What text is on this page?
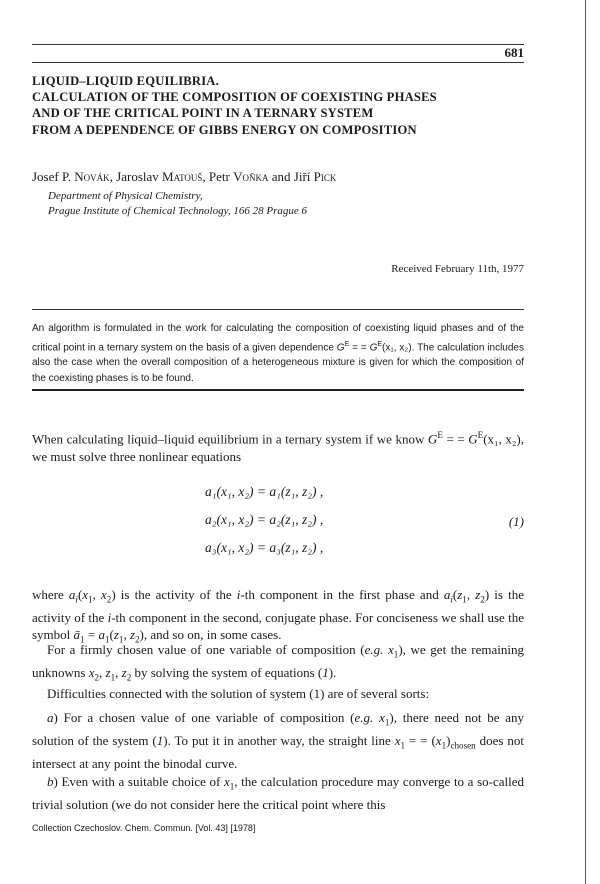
681
LIQUID–LIQUID EQUILIBRIA.
CALCULATION OF THE COMPOSITION OF COEXISTING PHASES
AND OF THE CRITICAL POINT IN A TERNARY SYSTEM
FROM A DEPENDENCE OF GIBBS ENERGY ON COMPOSITION
Josef P. Novák, Jaroslav Matouš, Petr Voňka and Jiří Pick
Department of Physical Chemistry,
Prague Institute of Chemical Technology, 166 28 Prague 6
Received February 11th, 1977
An algorithm is formulated in the work for calculating the composition of coexisting liquid phases and of the critical point in a ternary system on the basis of a given dependence $G^E$ = = $G^E(x_1$, x₂). The calculation includes also the case when the overall composition of a heterogeneous mixture is given for which the composition of the coexisting phases is to be found.
When calculating liquid–liquid equilibrium in a ternary system if we know $G^E$ = = $G^E(x_1$, x₂), we must solve three nonlinear equations
a₁(x₁, x₂) = a₁(z₁, z₂) ,
a₂(x₁, x₂) = a₂(z₁, z₂) ,
a₃(x₁, x₂) = a₃(z₁, z₂) ,
(1)
where $a_i(x_1$, $x_2$) is the activity of the i-th component in the first phase and $a_i(z_1$, $z_2$) is the activity of the i-th component in the second, conjugate phase. For conciseness we shall use the symbol $ā_1 = a_1(z_1$, $z_2$), and so on, in some cases.
For a firmly chosen value of one variable of composition (e.g. $x_1$), we get the remaining unknowns $x_2$, $z_1$, $z_2$ by solving the system of equations (1).
Difficulties connected with the solution of system (1) are of several sorts:
a) For a chosen value of one variable of composition (e.g. $x_1$), there need not be any solution of the system (1). To put it in another way, the straight line $x_1$ = = $(x_1)_{chosen}$ does not intersect at any point the binodal curve.
b) Even with a suitable choice of $x_1$, the calculation procedure may converge to a so-called trivial solution (we do not consider here the critical point where this
Collection Czechoslov. Chem. Commun. [Vol. 43] [1978]
